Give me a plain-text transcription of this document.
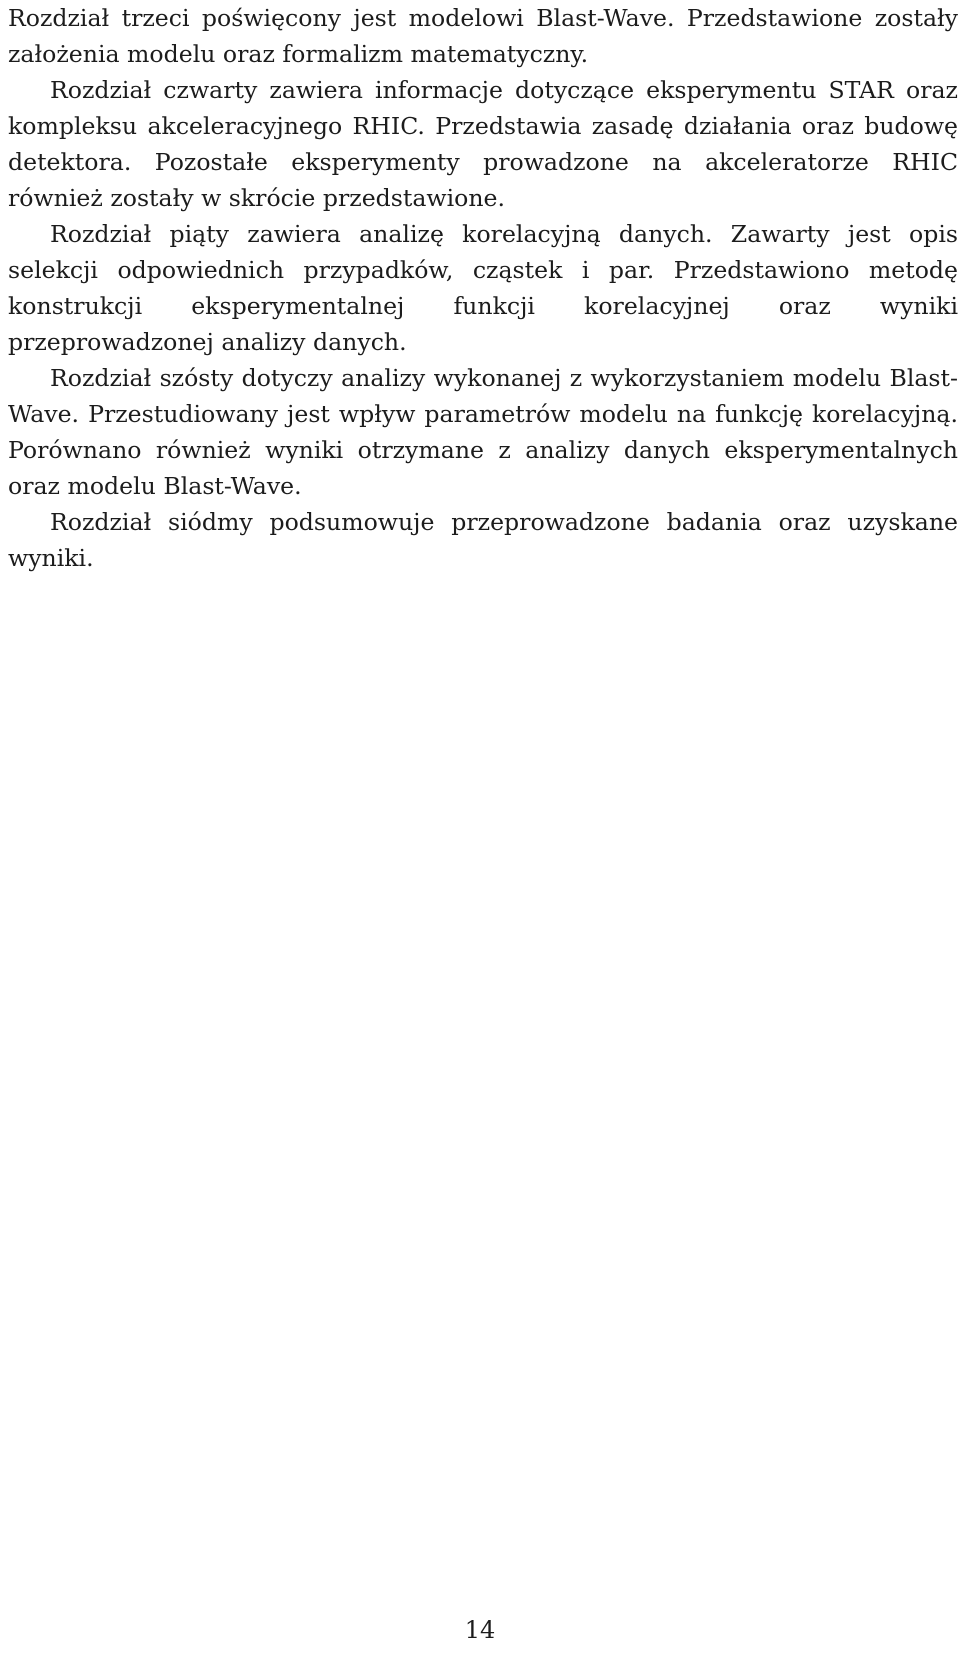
Rozdział trzeci poświęcony jest modelowi Blast-Wave. Przedstawione zostały założenia modelu oraz formalizm matematyczny.

Rozdział czwarty zawiera informacje dotyczące eksperymentu STAR oraz kompleksu akceleracyjnego RHIC. Przedstawia zasadę działania oraz budowę detektora. Pozostałe eksperymenty prowadzone na akceleratorze RHIC również zostały w skrócie przedstawione.

Rozdział piąty zawiera analizę korelacyjną danych. Zawarty jest opis selekcji odpowiednich przypadków, cząstek i par. Przedstawiono metodę konstrukcji eksperymentalnej funkcji korelacyjnej oraz wyniki przeprowadzonej analizy danych.

Rozdział szósty dotyczy analizy wykonanej z wykorzystaniem modelu Blast-Wave. Przestudiowany jest wpływ parametrów modelu na funkcję korelacyjną. Porównano również wyniki otrzymane z analizy danych eksperymentalnych oraz modelu Blast-Wave.

Rozdział siódmy podsumowuje przeprowadzone badania oraz uzyskane wyniki.

14
